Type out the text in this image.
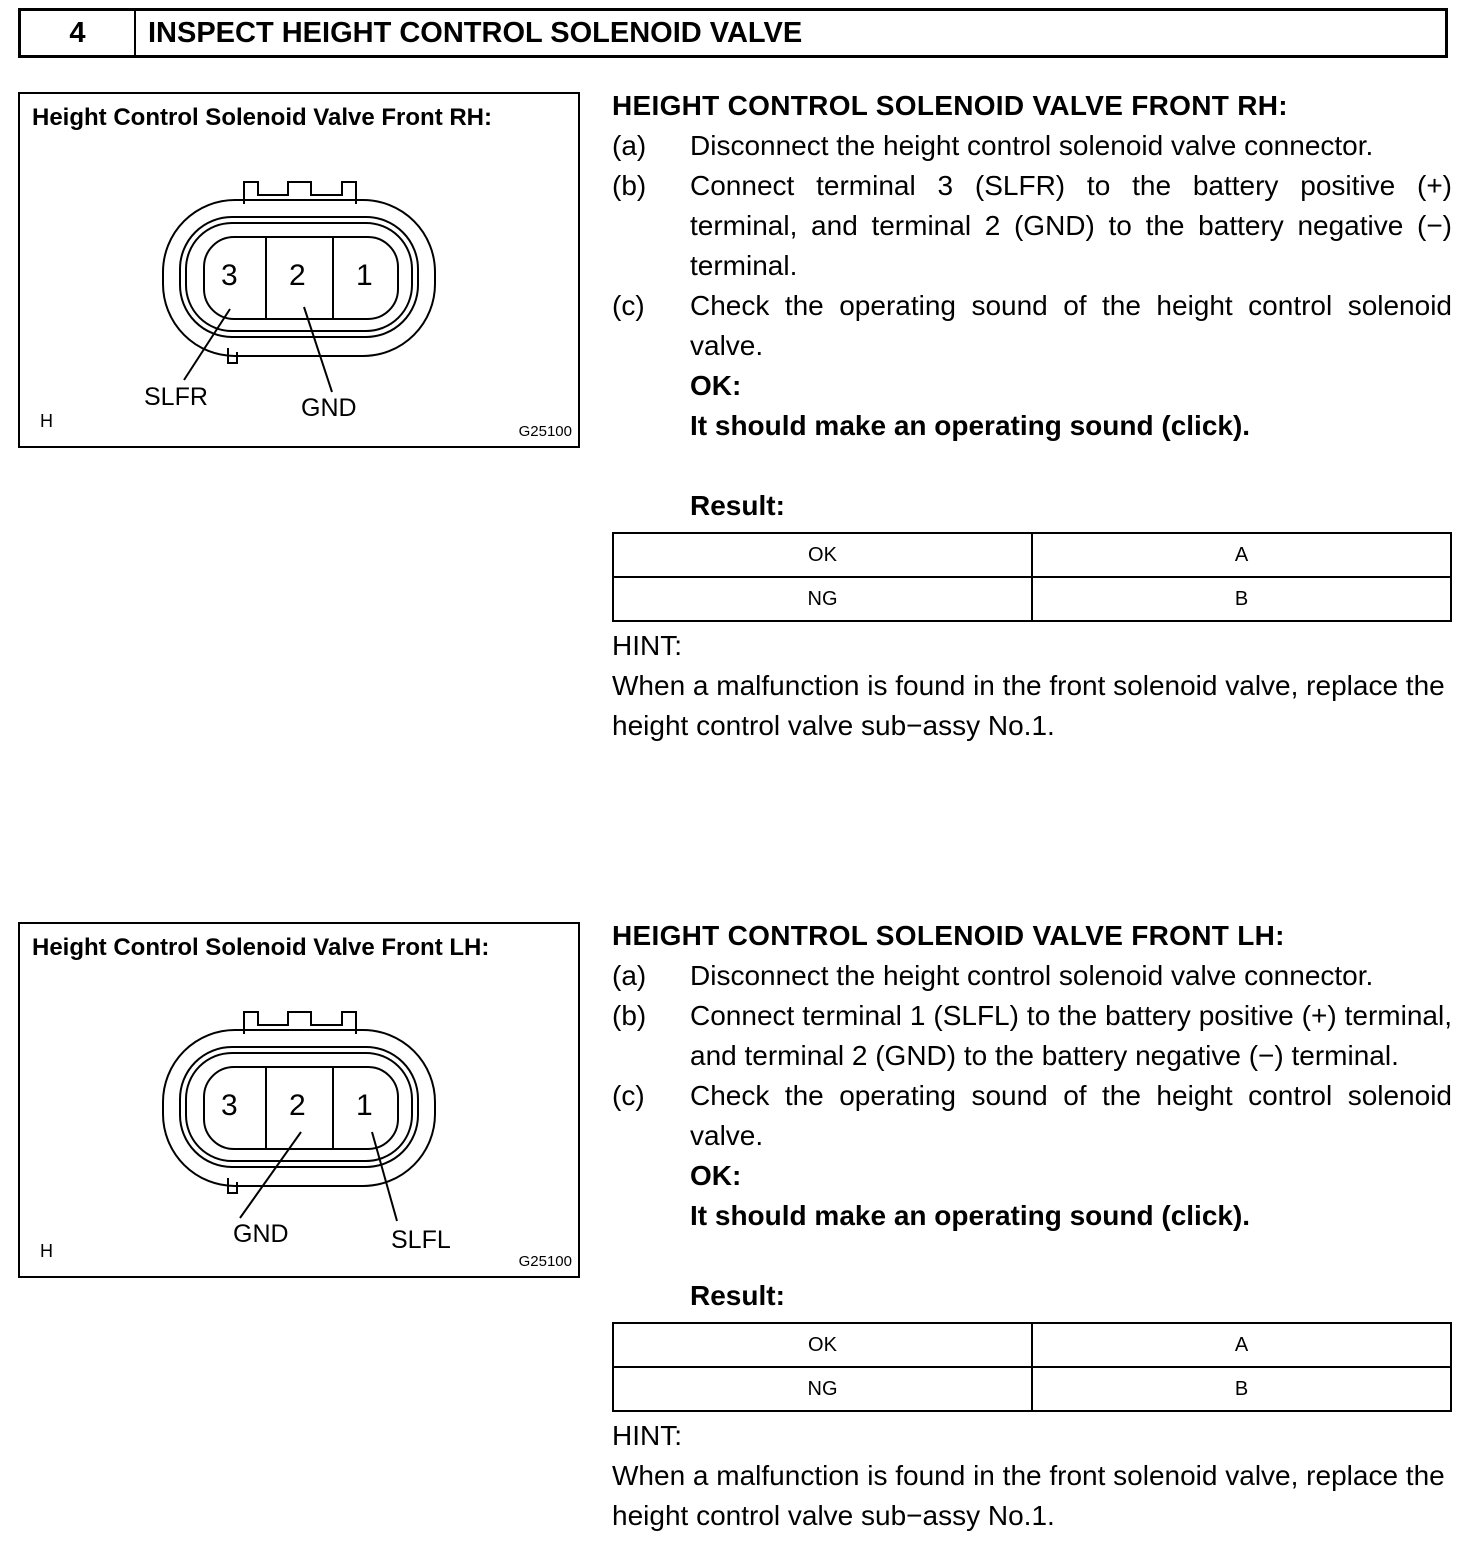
4	INSPECT HEIGHT CONTROL SOLENOID VALVE
Height Control Solenoid Valve Front RH:
3 2 1
SLFR	GND
H
G25100
HEIGHT CONTROL SOLENOID VALVE FRONT RH:
(a)	Disconnect the height control solenoid valve connector.
(b)	Connect terminal 3 (SLFR) to the battery positive (+) terminal, and terminal 2 (GND) to the battery negative (−) terminal.
(c)	Check the operating sound of the height control solenoid valve.
OK:
It should make an operating sound (click).
Result:
OK	A
NG	B
HINT:
When a malfunction is found in the front solenoid valve, replace the height control valve sub−assy No.1.
Height Control Solenoid Valve Front LH:
3 2 1
GND	SLFL
H
G25100
HEIGHT CONTROL SOLENOID VALVE FRONT LH:
(a)	Disconnect the height control solenoid valve connector.
(b)	Connect terminal 1 (SLFL) to the battery positive (+) terminal, and terminal 2 (GND) to the battery negative (−) terminal.
(c)	Check the operating sound of the height control solenoid valve.
OK:
It should make an operating sound (click).
Result:
OK	A
NG	B
HINT:
When a malfunction is found in the front solenoid valve, replace the height control valve sub−assy No.1.
